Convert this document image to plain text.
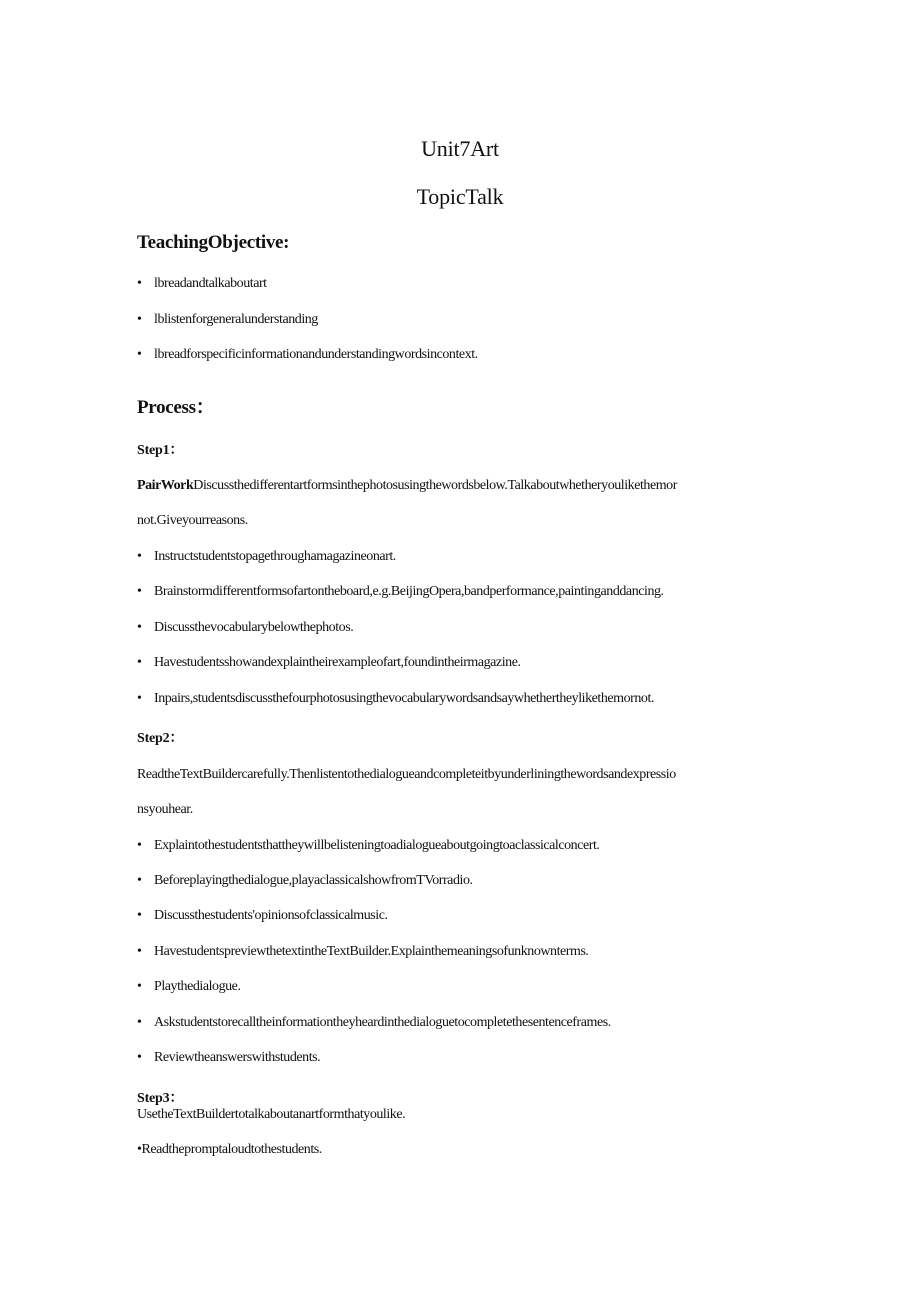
Unit7Art
TopicTalk
TeachingObjective:
• lbreadandtalkaboutart
• lblistenforgeneralunderstanding
• lbreadforspecificinformationandunderstandingwordsincontext.
Process：
Step1：
PairWorkDiscussthedifferentartformsinthephotosusingthewordsbelow.Talkaboutwhetheryoulikethemor
not.Giveyourreasons.
• Instructstudentstopagethroughamagazineonart.
• Brainstormdifferentformsofartontheboard,e.g.BeijingOpera,bandperformance,paintinganddancing.
• Discussthevocabularybelowthephotos.
• Havestudentsshowandexplaintheirexampleofart,foundintheirmagazine.
• Inpairs,studentsdiscussthefourphotosusingthevocabularywordsandsaywhethertheylikethemornot.
Step2：
ReadtheTextBuildercarefully.Thenlistentothedialogueandcompleteitbyunderliningthewordsandexpressio
nsyouhear.
• Explaintothestudentsthattheywillbelisteningtoadialogueaboutgoingtoaclassicalconcert.
• Beforeplayingthedialogue,playaclassicalshowfromTVorradio.
• Discussthestudents'opinionsofclassicalmusic.
• HavestudentspreviewthetextintheTextBuilder.Explainthemeaningsofunknownterms.
• Playthedialogue.
• Askstudentstorecalltheinformationtheyheardinthedialoguetocompletethesentenceframes.
• Reviewtheanswerswithstudents.
Step3：
UsetheTextBuildertotalkaboutanartformthatyoulike.
•Readthepromptaloudtothestudents.
